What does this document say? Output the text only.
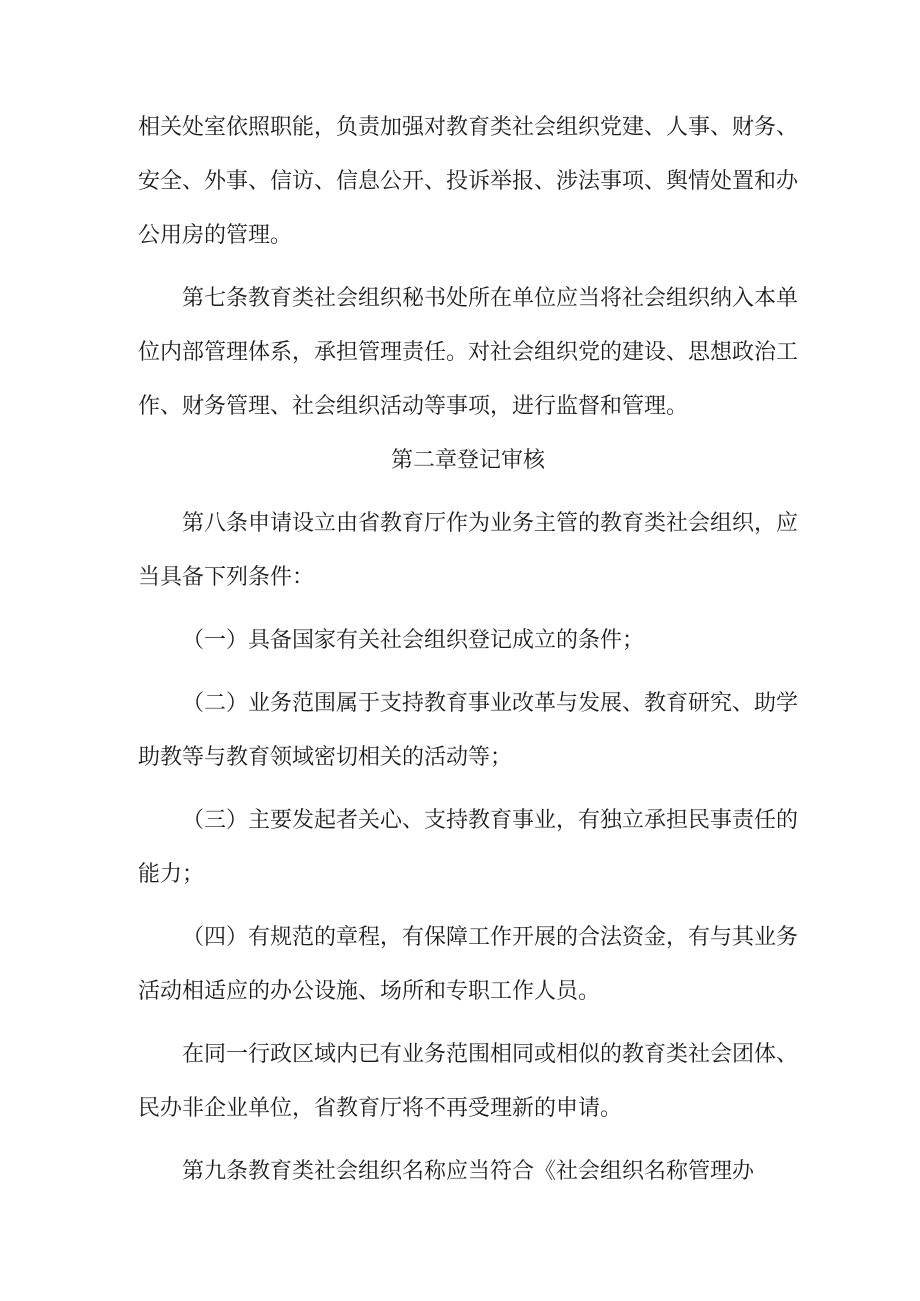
相关处室依照职能，负责加强对教育类社会组织党建、人事、财务、安全、外事、信访、信息公开、投诉举报、涉法事项、舆情处置和办公用房的管理。

第七条教育类社会组织秘书处所在单位应当将社会组织纳入本单位内部管理体系，承担管理责任。对社会组织党的建设、思想政治工作、财务管理、社会组织活动等事项，进行监督和管理。

第二章登记审核

第八条申请设立由省教育厅作为业务主管的教育类社会组织，应当具备下列条件：

（一）具备国家有关社会组织登记成立的条件；

（二）业务范围属于支持教育事业改革与发展、教育研究、助学助教等与教育领域密切相关的活动等；

（三）主要发起者关心、支持教育事业，有独立承担民事责任的能力；

（四）有规范的章程，有保障工作开展的合法资金，有与其业务活动相适应的办公设施、场所和专职工作人员。

在同一行政区域内已有业务范围相同或相似的教育类社会团体、民办非企业单位，省教育厅将不再受理新的申请。

第九条教育类社会组织名称应当符合《社会组织名称管理办
